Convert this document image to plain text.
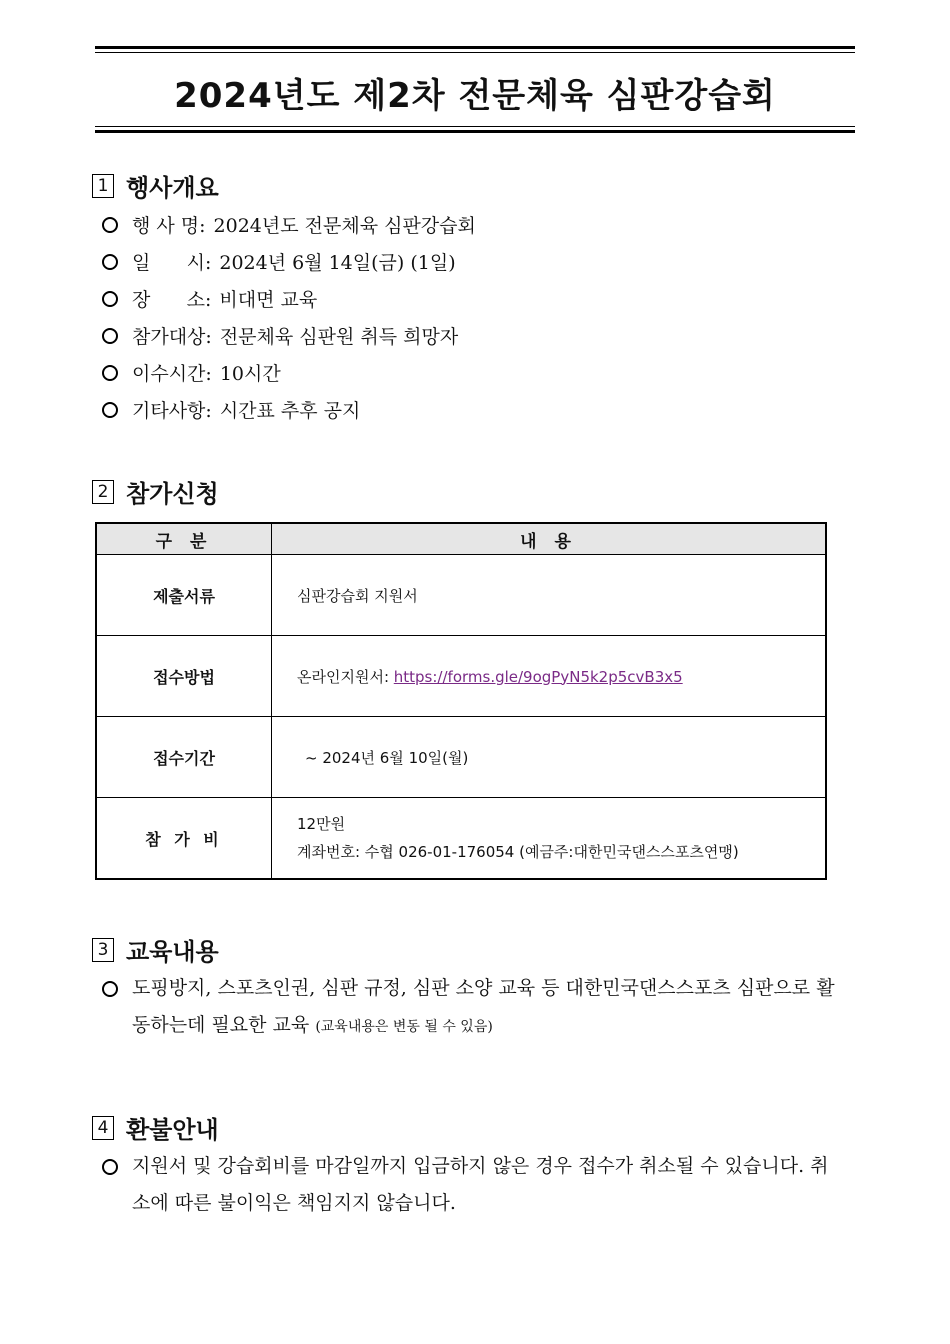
2024년도 제2차 전문체육 심판강습회
1 행사개요
행 사 명: 2024년도 전문체육 심판강습회
일      시: 2024년 6월 14일(금) (1일)
장      소: 비대면 교육
참가대상: 전문체육 심판원 취득 희망자
이수시간: 10시간
기타사항: 시간표 추후 공지
2 참가신청
구 분	내 용
제출서류	심판강습회 지원서
접수방법	온라인지원서: https://forms.gle/9ogPyN5k2p5cvB3x5
접수기간	~ 2024년 6월 10일(월)
참 가 비	12만원
계좌번호: 수협 026-01-176054 (예금주:대한민국댄스스포츠연맹)
3 교육내용
도핑방지, 스포츠인권, 심판 규정, 심판 소양 교육 등 대한민국댄스스포츠 심판으로 활동하는데 필요한 교육 (교육내용은 변동 될 수 있음)
4 환불안내
지원서 및 강습회비를 마감일까지 입금하지 않은 경우 접수가 취소될 수 있습니다. 취소에 따른 불이익은 책임지지 않습니다.
